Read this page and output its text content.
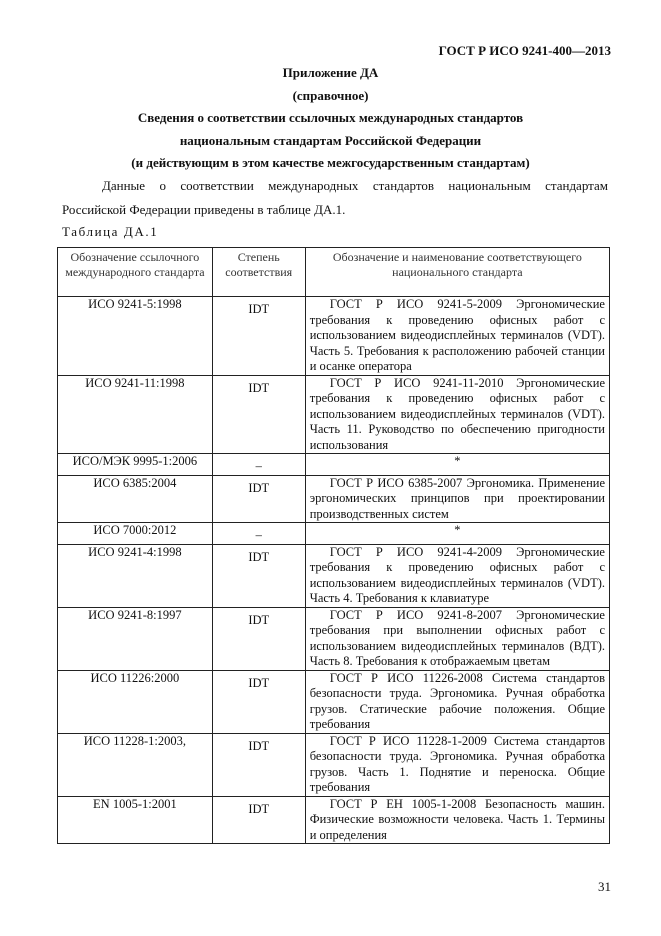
ГОСТ Р ИСО 9241-400—2013
Приложение ДА
(справочное)
Сведения о соответствии ссылочных международных стандартов
национальным стандартам Российской Федерации
(и действующим в этом качестве межгосударственным стандартам)
Данные о соответствии международных стандартов национальным стандартам
Российской Федерации приведены в таблице ДА.1.
Таблица ДА.1
Обозначение ссылочного международного стандарта	Степень соответствия	Обозначение и наименование соответствующего национального стандарта
ИСО 9241-5:1998	IDT	ГОСТ Р ИСО 9241-5-2009 Эргономические требования к проведению офисных работ с использованием видеодисплейных терминалов (VDT). Часть 5. Требования к расположению рабочей станции и осанке оператора
ИСО 9241-11:1998	IDT	ГОСТ Р ИСО 9241-11-2010 Эргономические требования к проведению офисных работ с использованием видеодисплейных терминалов (VDT). Часть 11. Руководство по обеспечению пригодности использования
ИСО/МЭК 9995-1:2006	–	*
ИСО 6385:2004	IDT	ГОСТ Р ИСО 6385-2007 Эргономика. Применение эргономических принципов при проектировании производственных систем
ИСО 7000:2012	–	*
ИСО 9241-4:1998	IDT	ГОСТ Р ИСО 9241-4-2009 Эргономические требования к проведению офисных работ с использованием видеодисплейных терминалов (VDT). Часть 4. Требования к клавиатуре
ИСО 9241-8:1997	IDT	ГОСТ Р ИСО 9241-8-2007 Эргономические требования при выполнении офисных работ с использованием видеодисплейных терминалов (ВДТ). Часть 8. Требования к отображаемым цветам
ИСО 11226:2000	IDT	ГОСТ Р ИСО 11226-2008 Система стандартов безопасности труда. Эргономика. Ручная обработка грузов. Статические рабочие положения. Общие требования
ИСО 11228-1:2003,	IDT	ГОСТ Р ИСО 11228-1-2009 Система стандартов безопасности труда. Эргономика. Ручная обработка грузов. Часть 1. Поднятие и переноска. Общие требования
EN 1005-1:2001	IDT	ГОСТ Р ЕН 1005-1-2008 Безопасность машин. Физические возможности человека. Часть 1. Термины и определения
31
